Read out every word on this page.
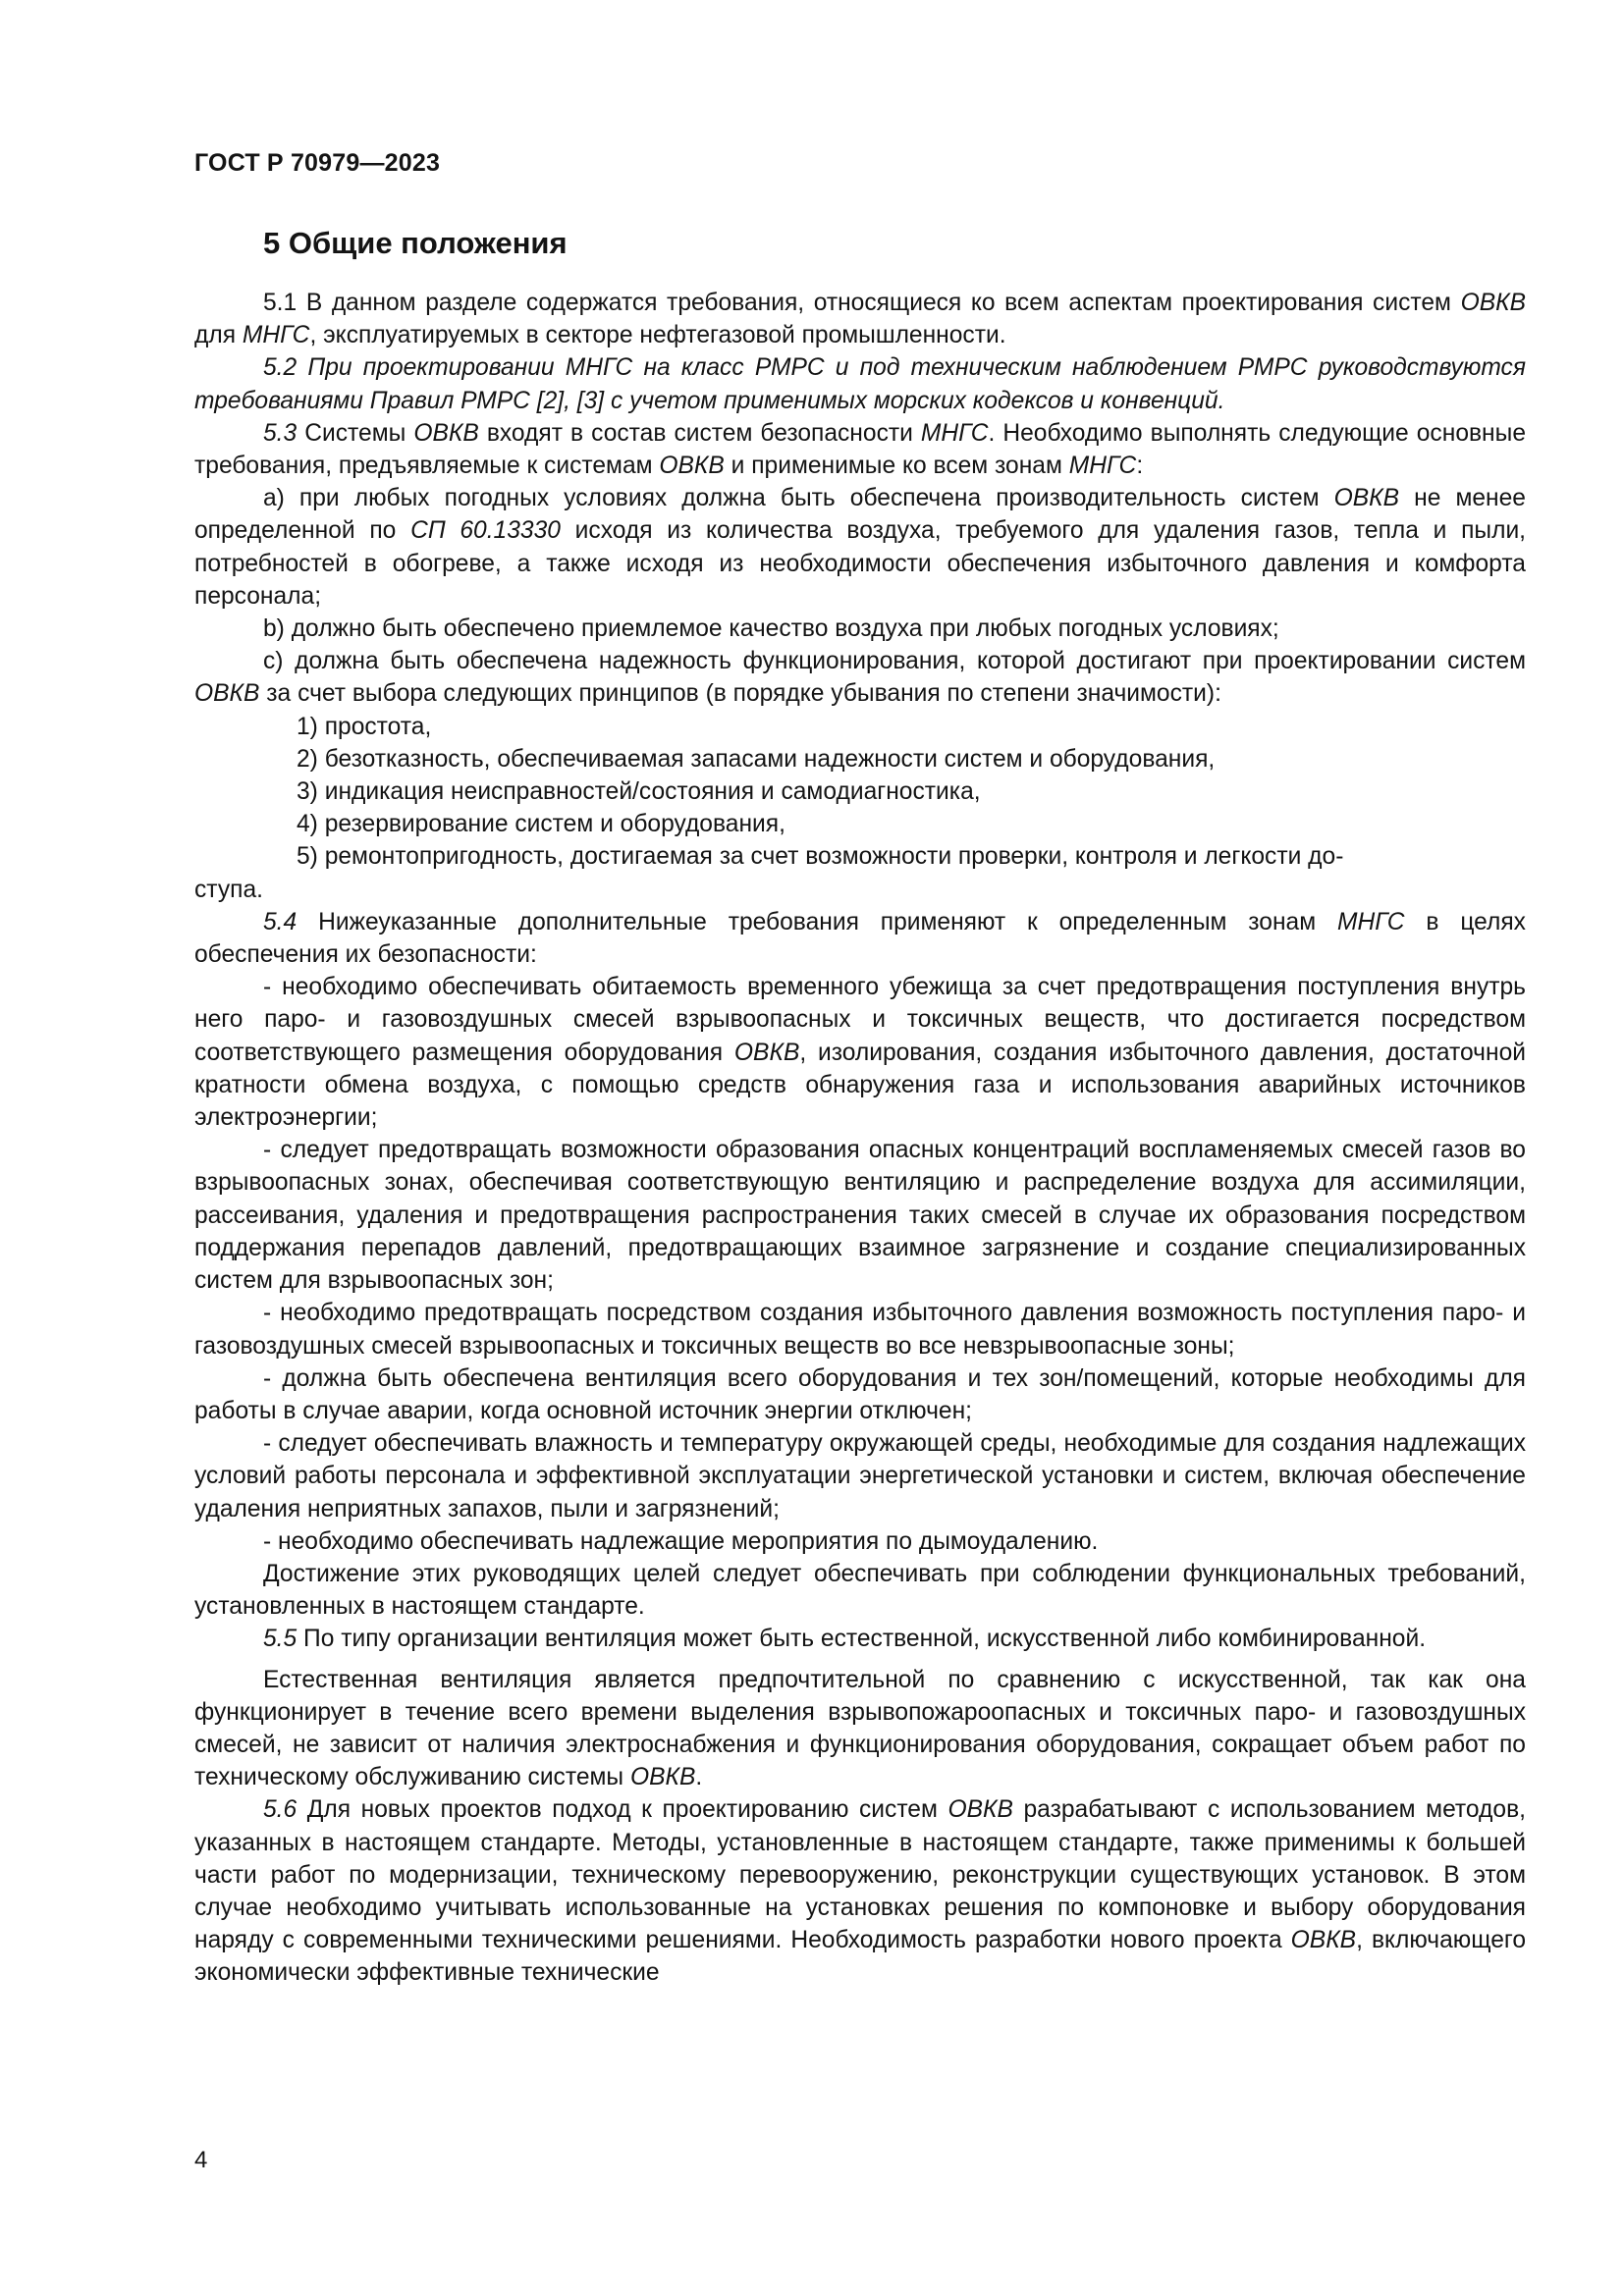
ГОСТ Р 70979—2023
5 Общие положения

5.1 В данном разделе содержатся требования, относящиеся ко всем аспектам проектирования систем ОВКВ для МНГС, эксплуатируемых в секторе нефтегазовой промышленности.

5.2 При проектировании МНГС на класс РМРС и под техническим наблюдением РМРС руководствуются требованиями Правил РМРС [2], [3] с учетом применимых морских кодексов и конвенций.

5.3 Системы ОВКВ входят в состав систем безопасности МНГС. Необходимо выполнять следующие основные требования, предъявляемые к системам ОВКВ и применимые ко всем зонам МНГС:

a) при любых погодных условиях должна быть обеспечена производительность систем ОВКВ не менее определенной по СП 60.13330 исходя из количества воздуха, требуемого для удаления газов, тепла и пыли, потребностей в обогреве, а также исходя из необходимости обеспечения избыточного давления и комфорта персонала;

b) должно быть обеспечено приемлемое качество воздуха при любых погодных условиях;

c) должна быть обеспечена надежность функционирования, которой достигают при проектировании систем ОВКВ за счет выбора следующих принципов (в порядке убывания по степени значимости):

1) простота,

2) безотказность, обеспечиваемая запасами надежности систем и оборудования,

3) индикация неисправностей/состояния и самодиагностика,

4) резервирование систем и оборудования,

5) ремонтопригодность, достигаемая за счет возможности проверки, контроля и легкости до-
ступа.

5.4 Нижеуказанные дополнительные требования применяют к определенным зонам МНГС в целях обеспечения их безопасности:

- необходимо обеспечивать обитаемость временного убежища за счет предотвращения поступления внутрь него паро- и газовоздушных смесей взрывоопасных и токсичных веществ, что достигается посредством соответствующего размещения оборудования ОВКВ, изолирования, создания избыточного давления, достаточной кратности обмена воздуха, с помощью средств обнаружения газа и использования аварийных источников электроэнергии;

- следует предотвращать возможности образования опасных концентраций воспламеняемых смесей газов во взрывоопасных зонах, обеспечивая соответствующую вентиляцию и распределение воздуха для ассимиляции, рассеивания, удаления и предотвращения распространения таких смесей в случае их образования посредством поддержания перепадов давлений, предотвращающих взаимное загрязнение и создание специализированных систем для взрывоопасных зон;

- необходимо предотвращать посредством создания избыточного давления возможность поступления паро- и газовоздушных смесей взрывоопасных и токсичных веществ во все невзрывоопасные зоны;

- должна быть обеспечена вентиляция всего оборудования и тех зон/помещений, которые необходимы для работы в случае аварии, когда основной источник энергии отключен;

- следует обеспечивать влажность и температуру окружающей среды, необходимые для создания надлежащих условий работы персонала и эффективной эксплуатации энергетической установки и систем, включая обеспечение удаления неприятных запахов, пыли и загрязнений;

- необходимо обеспечивать надлежащие мероприятия по дымоудалению.

Достижение этих руководящих целей следует обеспечивать при соблюдении функциональных требований, установленных в настоящем стандарте.

5.5 По типу организации вентиляция может быть естественной, искусственной либо комбинированной.

Естественная вентиляция является предпочтительной по сравнению с искусственной, так как она функционирует в течение всего времени выделения взрывопожароопасных и токсичных паро- и газовоздушных смесей, не зависит от наличия электроснабжения и функционирования оборудования, сокращает объем работ по техническому обслуживанию системы ОВКВ.

5.6 Для новых проектов подход к проектированию систем ОВКВ разрабатывают с использованием методов, указанных в настоящем стандарте. Методы, установленные в настоящем стандарте, также применимы к большей части работ по модернизации, техническому перевооружению, реконструкции существующих установок. В этом случае необходимо учитывать использованные на установках решения по компоновке и выбору оборудования наряду с современными техническими решениями. Необходимость разработки нового проекта ОВКВ, включающего экономически эффективные технические

4
